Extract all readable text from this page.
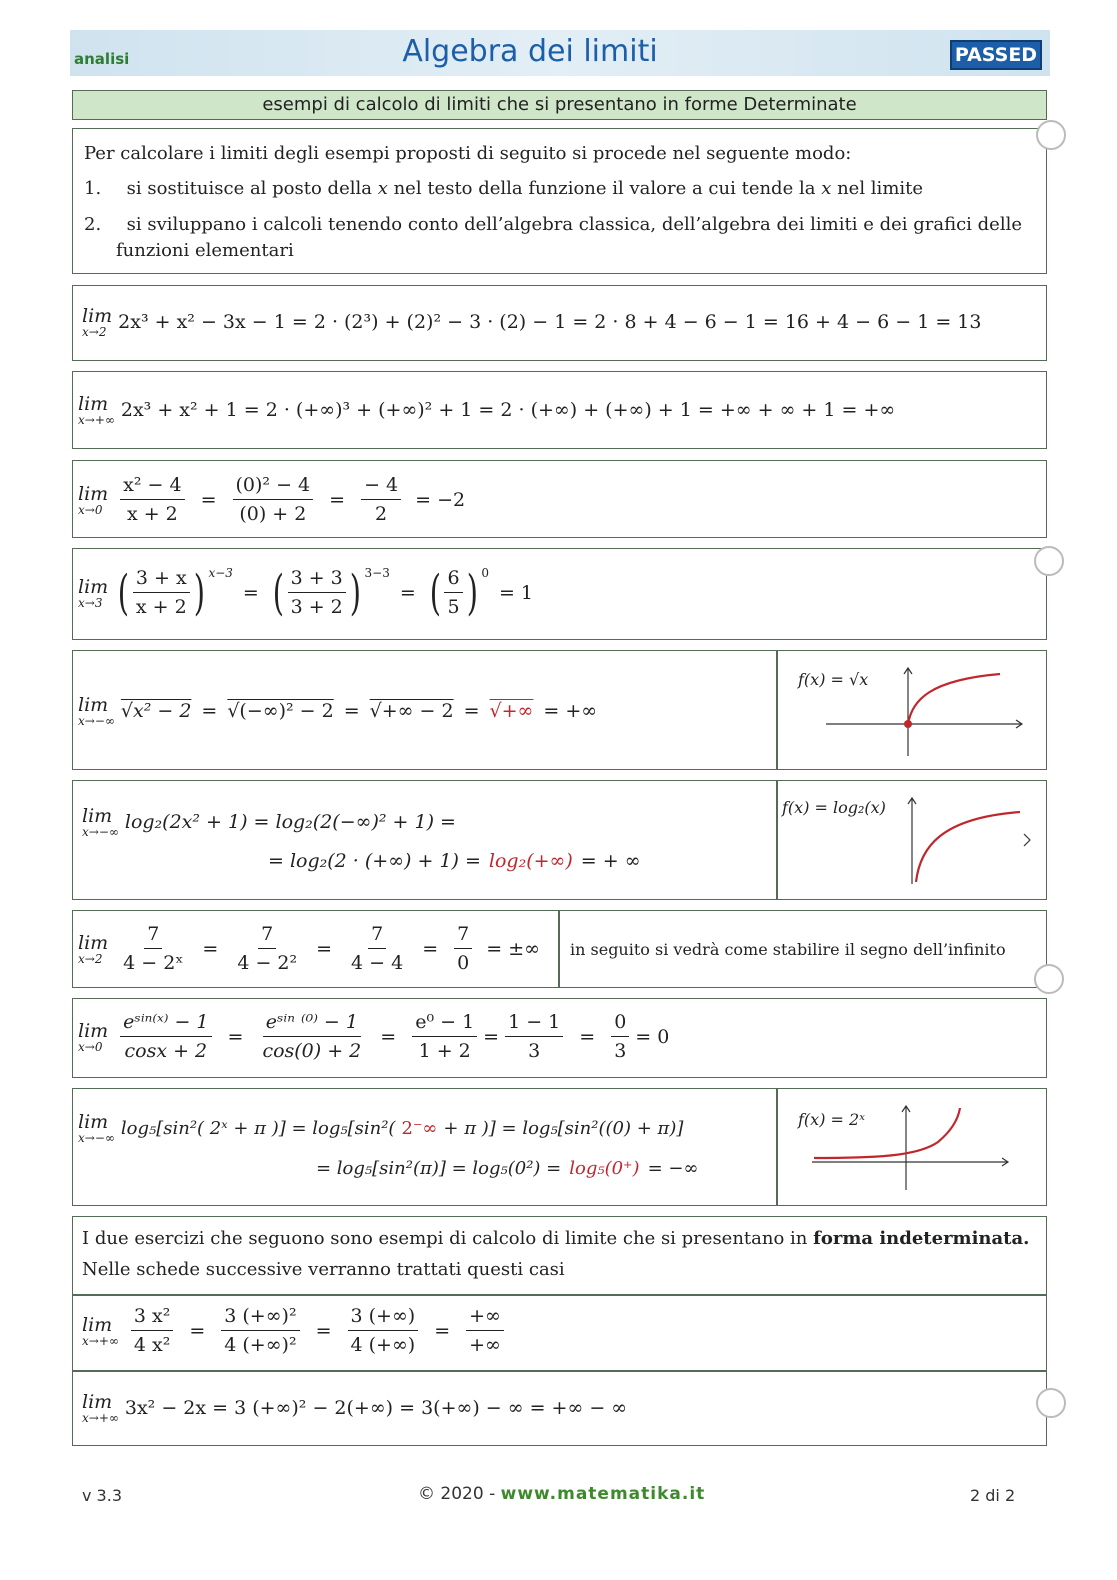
analisi	Algebra dei limiti	PASSED
esempi di calcolo di limiti che si presentano in forme Determinate
Per calcolare i limiti degli esempi proposti di seguito si procede nel seguente modo:
1. si sostituisce al posto della x nel testo della funzione il valore a cui tende la x nel limite
2. si sviluppano i calcoli tenendo conto dell’algebra classica, dell’algebra dei limiti e dei grafici delle
funzioni elementari
lim
x→2 2x³ + x² − 3x − 1 = 2 · (2³) + (2)² − 3 · (2) − 1 = 2 · 8 + 4 − 6 − 1 = 16 + 4 − 6 − 1 = 13
lim
x→+∞ 2x³ + x² + 1 = 2 · (+∞)³ + (+∞)² + 1 = 2 · (+∞) + (+∞) + 1 = +∞ + ∞ + 1 = +∞
lim
$x\to 0 \frac{\text{x² − 4}}{x + 2} = \frac{\text{(0)² − 4}}{(0) + 2} = \frac{- 4}{2} = -2$
lim
x→3 ( $\frac{3 + x}{x + 2}$ ) x−3
= ( $\frac{3 + 3}{3 + 2}$ ) 3−3
= ( $\frac{6}{5}$ ) 0
= 1
lim
x→−∞ √x² − 2 = √(−∞)² − 2 = √+∞ − 2 = √+∞ = +∞
f(x) = √x
lim
x→−∞ log₂(2x² + 1) = log₂(2(−∞)² + 1) =
= log₂(2 · (+∞) + 1) = log₂(+∞) = + ∞
f(x) = log₂(x)
lim
$x\to 2 \frac{7}{\text{4 − 2ˣ}} = \frac{7}{\text{4 − 2²}} = \frac{7}{4 - 4} = \frac{7}{0}$ = ±∞ in seguito si vedrà come stabilire il segno dell’infinito
lim
$x\to 0 \frac{\text{eˢⁱⁿ⁽ˣ⁾ − 1}}{\cos x + 2} = \frac{\text{eˢⁱⁿ ⁽⁰⁾ − 1}}{\cos(0) + 2} = \frac{\text{e⁰ − 1}}{1 + 2} = \frac{1 - 1}{3} = \frac{0}{3} = 0$
lim
x→−∞ log₅[sin²( 2ˣ + π )] = log₅[sin²( 2⁻∞ + π )] = log₅[sin²((0) + π)]
= log₅[sin²(π)] = log₅(0²) = log₅(0⁺) = −∞
f(x) = 2ˣ
I due esercizi che seguono sono esempi di calcolo di limite che si presentano in forma indeterminata.
Nelle schede successive verranno trattati questi casi
lim
$x\to+\infty \frac{\text{3 x²}}{\text{4 x²}} = \frac{\text{3 (+∞)²}}{\text{4 (+∞)²}} = \frac{3 (+\infty)}{4 (+\infty)} = \frac{+\infty}{+\infty}$
lim
x→+∞ 3x² − 2x = 3 (+∞)² − 2(+∞) = 3(+∞) − ∞ = +∞ − ∞
v 3.3	© 2020 - www.matematika.it	2 di 2
